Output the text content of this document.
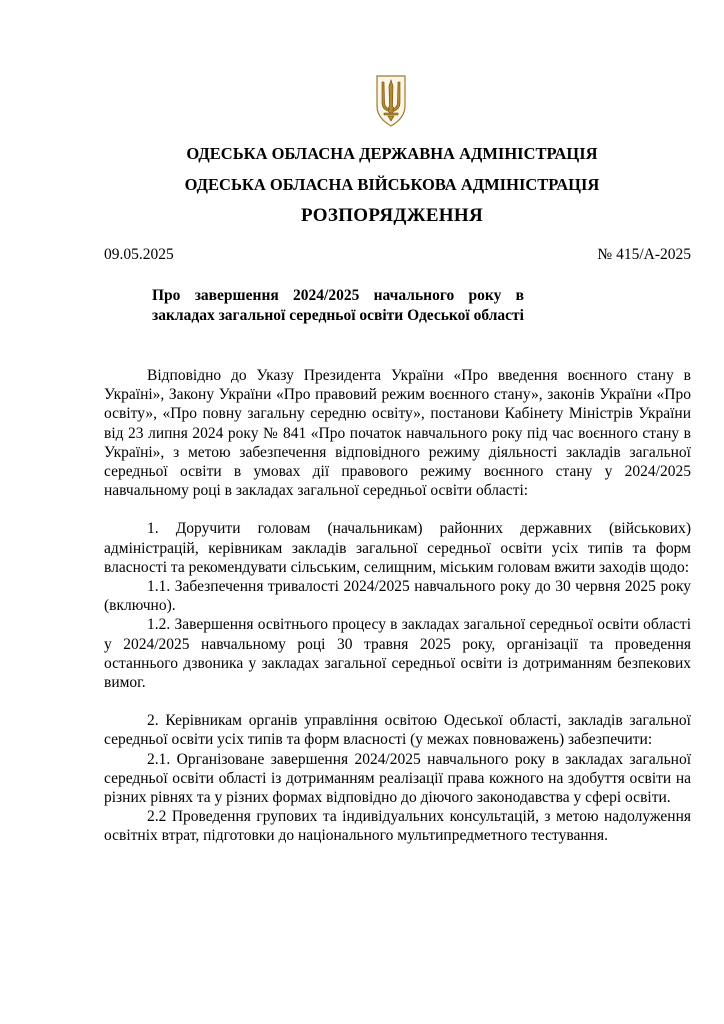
ОДЕСЬКА ОБЛАСНА ДЕРЖАВНА АДМІНІСТРАЦІЯ
ОДЕСЬКА ОБЛАСНА ВІЙСЬКОВА АДМІНІСТРАЦІЯ
РОЗПОРЯДЖЕННЯ
09.05.2025	№ 415/А-2025
Про завершення 2024/2025 начального року в закладах загальної середньої освіти Одеської області

Відповідно до Указу Президента України «Про введення воєнного стану в Україні», Закону України «Про правовий режим воєнного стану», законів України «Про освіту», «Про повну загальну середню освіту», постанови Кабінету Міністрів України від 23 липня 2024 року № 841 «Про початок навчального року під час воєнного стану в Україні», з метою забезпечення відповідного режиму діяльності закладів загальної середньої освіти в умовах дії правового режиму воєнного стану у 2024/2025 навчальному році в закладах загальної середньої освіти області:

1. Доручити головам (начальникам) районних державних (військових) адміністрацій, керівникам закладів загальної середньої освіти усіх типів та форм власності та рекомендувати сільським, селищним, міським головам вжити заходів щодо:

1.1. Забезпечення тривалості 2024/2025 навчального року до 30 червня 2025 року (включно).

1.2. Завершення освітнього процесу в закладах загальної середньої освіти області у 2024/2025 навчальному році 30 травня 2025 року, організації та проведення останнього дзвоника у закладах загальної середньої освіти із дотриманням безпекових вимог.

2. Керівникам органів управління освітою Одеської області, закладів загальної середньої освіти усіх типів та форм власності (у межах повноважень) забезпечити:

2.1. Організоване завершення 2024/2025 навчального року в закладах загальної середньої освіти області із дотриманням реалізації права кожного на здобуття освіти на різних рівнях та у різних формах відповідно до діючого законодавства у сфері освіти.

2.2 Проведення групових та індивідуальних консультацій, з метою надолуження освітніх втрат, підготовки до національного мультипредметного тестування.
